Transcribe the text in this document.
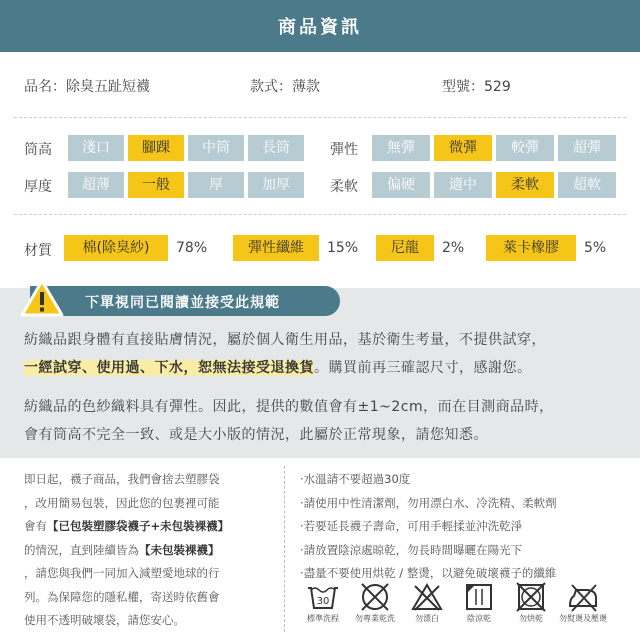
商品資訊
品名：除臭五趾短襪	款式：薄款	型號：529
筒高	淺口	腳踝	中筒	長筒	彈性	無彈	微彈	較彈	超彈
厚度	超薄	一般	厚	加厚	柔軟	偏硬	適中	柔軟	超軟
材質	棉(除臭紗)	78%	彈性纖維	15%	尼龍	2%	萊卡橡膠	5%
下單視同已閱讀並接受此規範
紡織品跟身體有直接貼膚情況，屬於個人衛生用品，基於衛生考量，不提供試穿，
一經試穿、使用過、下水，恕無法接受退換貨。購買前再三確認尺寸，感謝您。
紡織品的色紗織料具有彈性。因此，提供的數值會有±1~2cm，而在目測商品時，
會有筒高不完全一致、或是大小版的情況，此屬於正常現象，請您知悉。
即日起，襪子商品，我們會捨去塑膠袋
，改用簡易包裝，因此您的包裹裡可能
會有【已包裝塑膠袋襪子+未包裝裸襪】
的情況，直到陸續皆為【未包裝裸襪】
，請您與我們一同加入減塑愛地球的行
列。為保障您的隱私權，寄送時依舊會
使用不透明破壞袋，請您安心。
·水溫請不要超過30度
·請使用中性清潔劑，勿用漂白水、冷洗精、柔軟劑
·若要延長襪子壽命，可用手輕揉並沖洗乾淨
·請放置陰涼處晾乾，勿長時間曝曬在陽光下
·盡量不要使用烘乾 / 整燙，以避免破壞襪子的纖維
30
標準洗程	勿專業乾洗	勿漂白	陰涼乾	勿烘乾	勿熨燙及壓燙
